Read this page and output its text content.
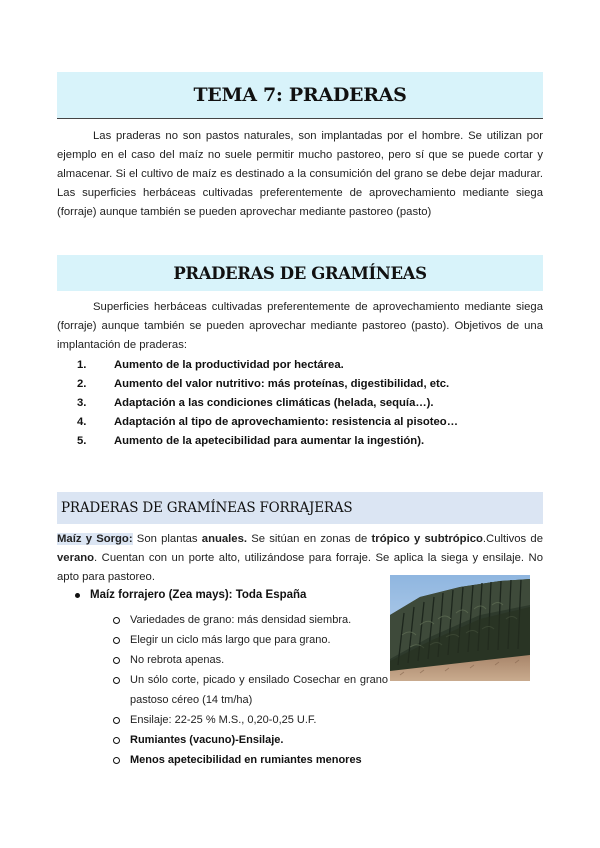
TEMA 7: PRADERAS

Las praderas no son pastos naturales, son implantadas por el hombre. Se utilizan por ejemplo en el caso del maíz no suele permitir mucho pastoreo, pero sí que se puede cortar y almacenar. Si el cultivo de maíz es destinado a la consumición del grano se debe dejar madurar. Las superficies herbáceas cultivadas preferentemente de aprovechamiento mediante siega (forraje) aunque también se pueden aprovechar mediante pastoreo (pasto)

PRADERAS DE GRAMÍNEAS

Superficies herbáceas cultivadas preferentemente de aprovechamiento mediante siega (forraje) aunque también se pueden aprovechar mediante pastoreo (pasto). Objetivos de una implantación de praderas:

1.	Aumento de la productividad por hectárea.
2.	Aumento del valor nutritivo: más proteínas, digestibilidad, etc.
3.	Adaptación a las condiciones climáticas (helada, sequía…).
4.	Adaptación al tipo de aprovechamiento: resistencia al pisoteo…
5.	Aumento de la apetecibilidad para aumentar la ingestión).
PRADERAS DE GRAMÍNEAS FORRAJERAS

Maíz y Sorgo: Son plantas anuales. Se sitúan en zonas de trópico y subtrópico.Cultivos de verano. Cuentan con un porte alto, utilizándose para forraje. Se aplica la siega y ensilaje. No apto para pastoreo.

Maíz forrajero (Zea mays): Toda España
Variedades de grano: más densidad siembra.
Elegir un ciclo más largo que para grano.
No rebrota apenas.
Un sólo corte, picado y ensilado Cosechar en grano pastoso céreo (14 tm/ha)
Ensilaje: 22-25 % M.S., 0,20-0,25 U.F.
Rumiantes (vacuno)-Ensilaje.
Menos apetecibilidad en rumiantes menores
